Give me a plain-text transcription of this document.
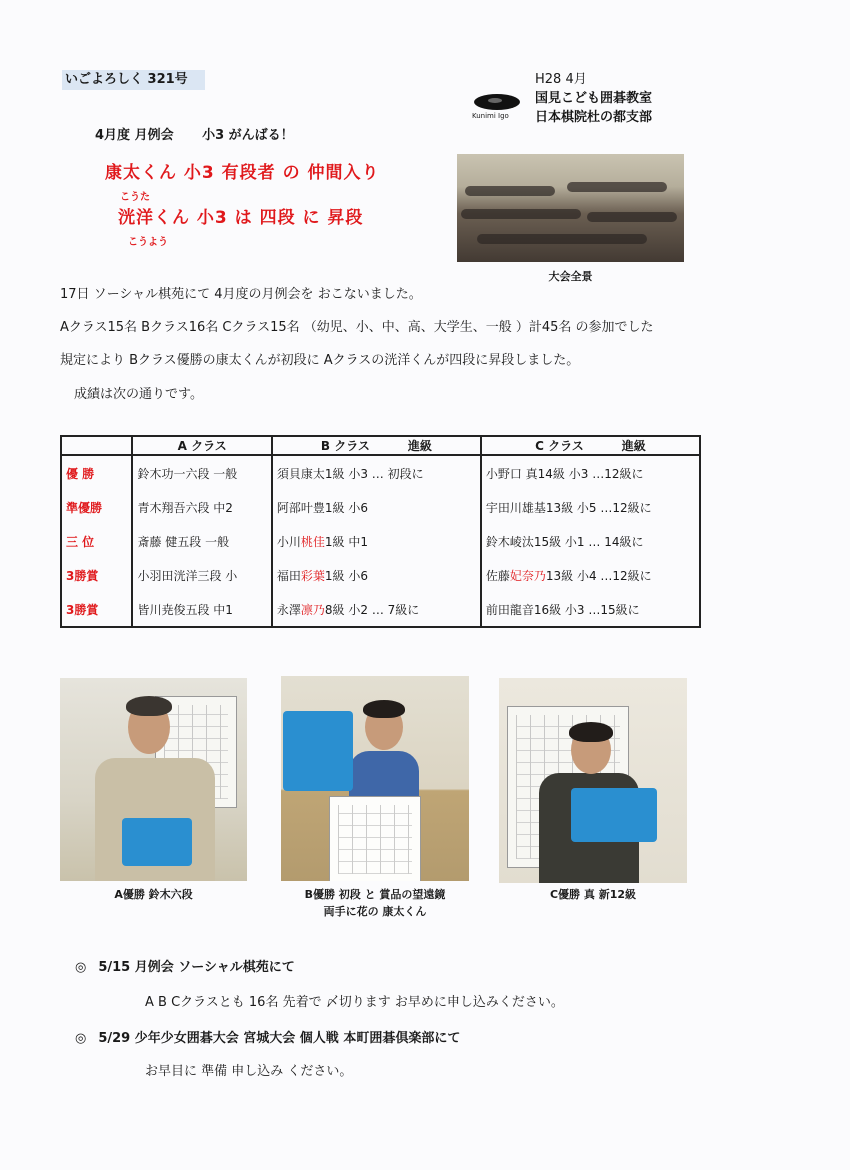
いごよろしく 321号
Kunimi Igo
H28 4月
国見こども囲碁教室
日本棋院杜の都支部
4月度 月例会 小3 がんばる！
康太くん 小3 有段者 の 仲間入り
こうた
洸洋くん 小3 は 四段 に 昇段
こうよう
大会全景
17日 ソーシャル棋苑にて 4月度の月例会を おこないました。
Aクラス15名 Bクラス16名 Cクラス15名 （幼児、小、中、高、大学生、一般 ）計45名 の参加でした
規定により Bクラス優勝の康太くんが初段に Aクラスの洸洋くんが四段に昇段しました。
成績は次の通りです。
	A クラス	B クラス 進級	C クラス 進級
優 勝	鈴木功一六段 一般	須貝康太1級 小3 … 初段に	小野口 真14級 小3 …12級に
準優勝	青木翔吾六段 中2	阿部叶豊1級 小6	宇田川雄基13級 小5 …12級に
三 位	斎藤 健五段 一般	小川桃佳1級 中1	鈴木崚汰15級 小1 … 14級に
3勝賞	小羽田洸洋三段 小	福田彩葉1級 小6	佐藤妃奈乃13級 小4 …12級に
3勝賞	皆川尭俊五段 中1	永澤凛乃8級 小2 … 7級に	前田龍音16級 小3 …15級に
A優勝 鈴木六段	B優勝 初段 と 賞品の望遠鏡
両手に花の 康太くん
C優勝 真 新12級
◎ 5/15 月例会 ソーシャル棋苑にて
A B Cクラスとも 16名 先着で 〆切ります お早めに申し込みください。
◎ 5/29 少年少女囲碁大会 宮城大会 個人戦 本町囲碁倶楽部にて
お早目に 準備 申し込み ください。
